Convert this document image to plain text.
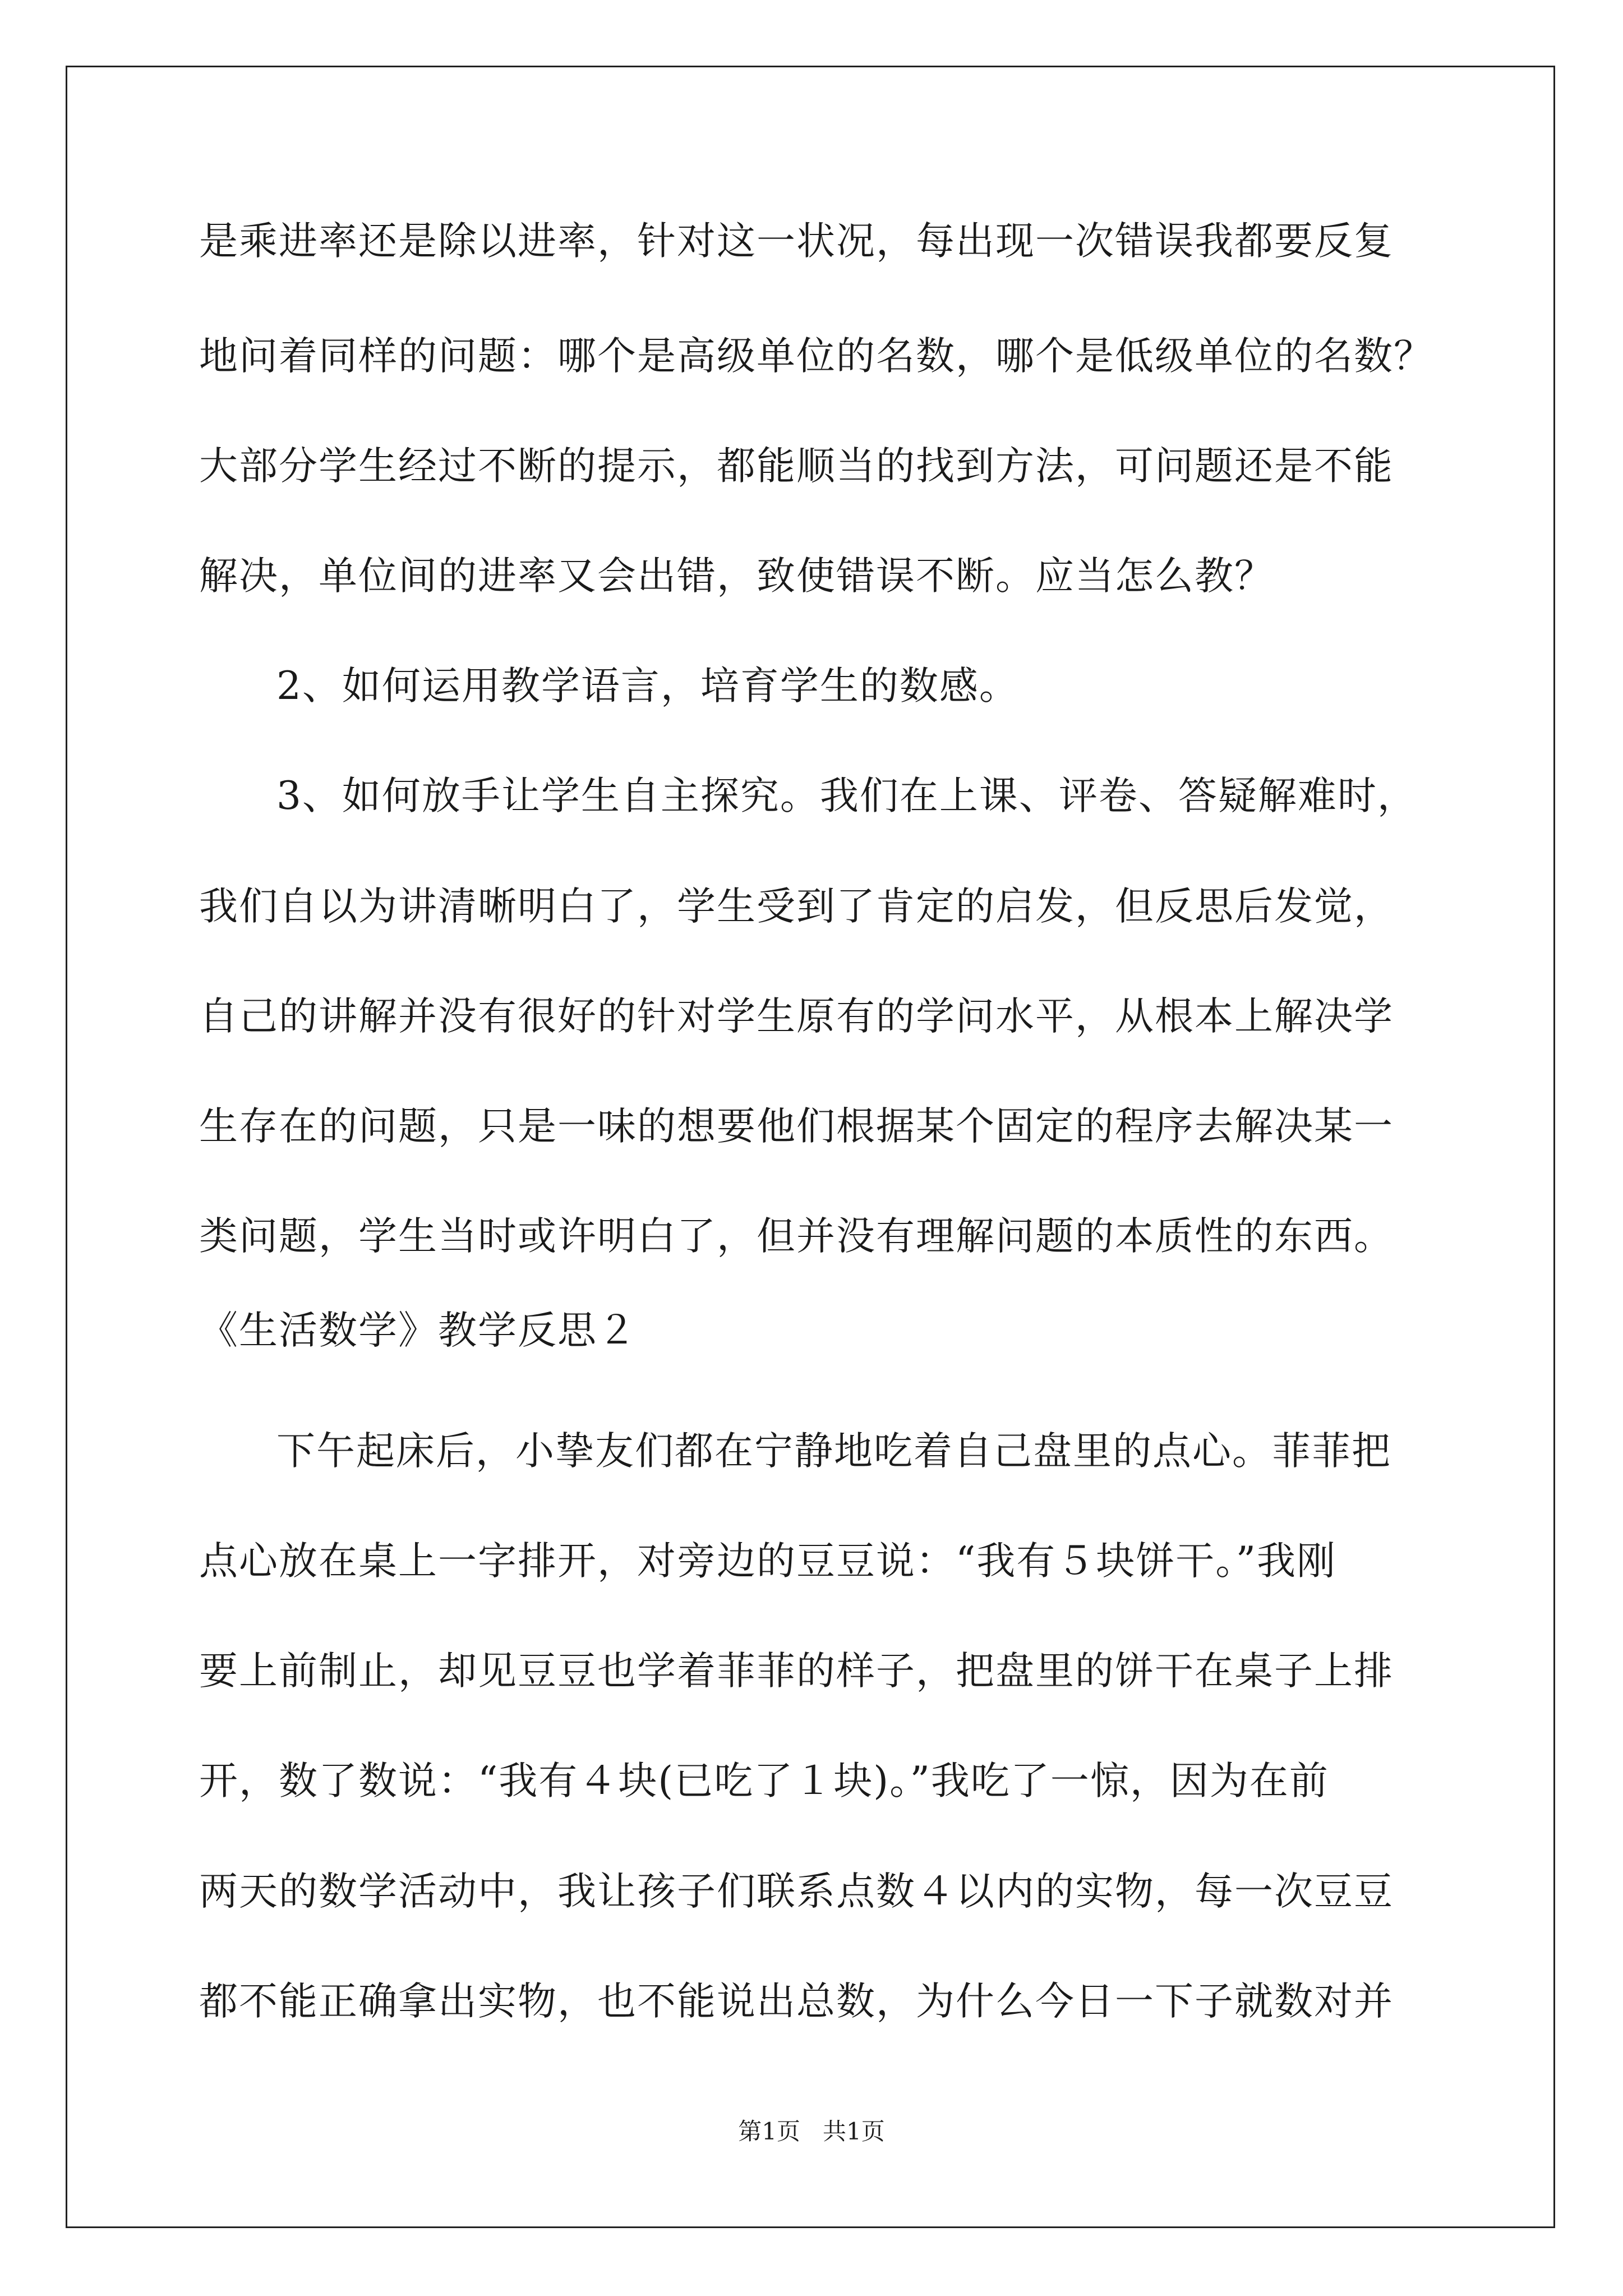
是乘进率还是除以进率，针对这一状况，每出现一次错误我都要反复
地问着同样的问题：哪个是高级单位的名数，哪个是低级单位的名数？
大部分学生经过不断的提示，都能顺当的找到方法，可问题还是不能
解决，单位间的进率又会出错，致使错误不断。应当怎么教？
2、如何运用教学语言，培育学生的数感。
3、如何放手让学生自主探究。我们在上课、评卷、答疑解难时，
我们自以为讲清晰明白了，学生受到了肯定的启发，但反思后发觉，
自己的讲解并没有很好的针对学生原有的学问水平，从根本上解决学
生存在的问题，只是一味的想要他们根据某个固定的程序去解决某一
类问题，学生当时或许明白了，但并没有理解问题的本质性的东西。
《生活数学》教学反思２
下午起床后，小挚友们都在宁静地吃着自己盘里的点心。菲菲把
点心放在桌上一字排开，对旁边的豆豆说：“我有５块饼干。”我刚
要上前制止，却见豆豆也学着菲菲的样子，把盘里的饼干在桌子上排
开，数了数说：“我有４块(已吃了１块)。”我吃了一惊，因为在前
两天的数学活动中，我让孩子们联系点数４以内的实物，每一次豆豆
都不能正确拿出实物，也不能说出总数，为什么今日一下子就数对并
第1页   共1页
